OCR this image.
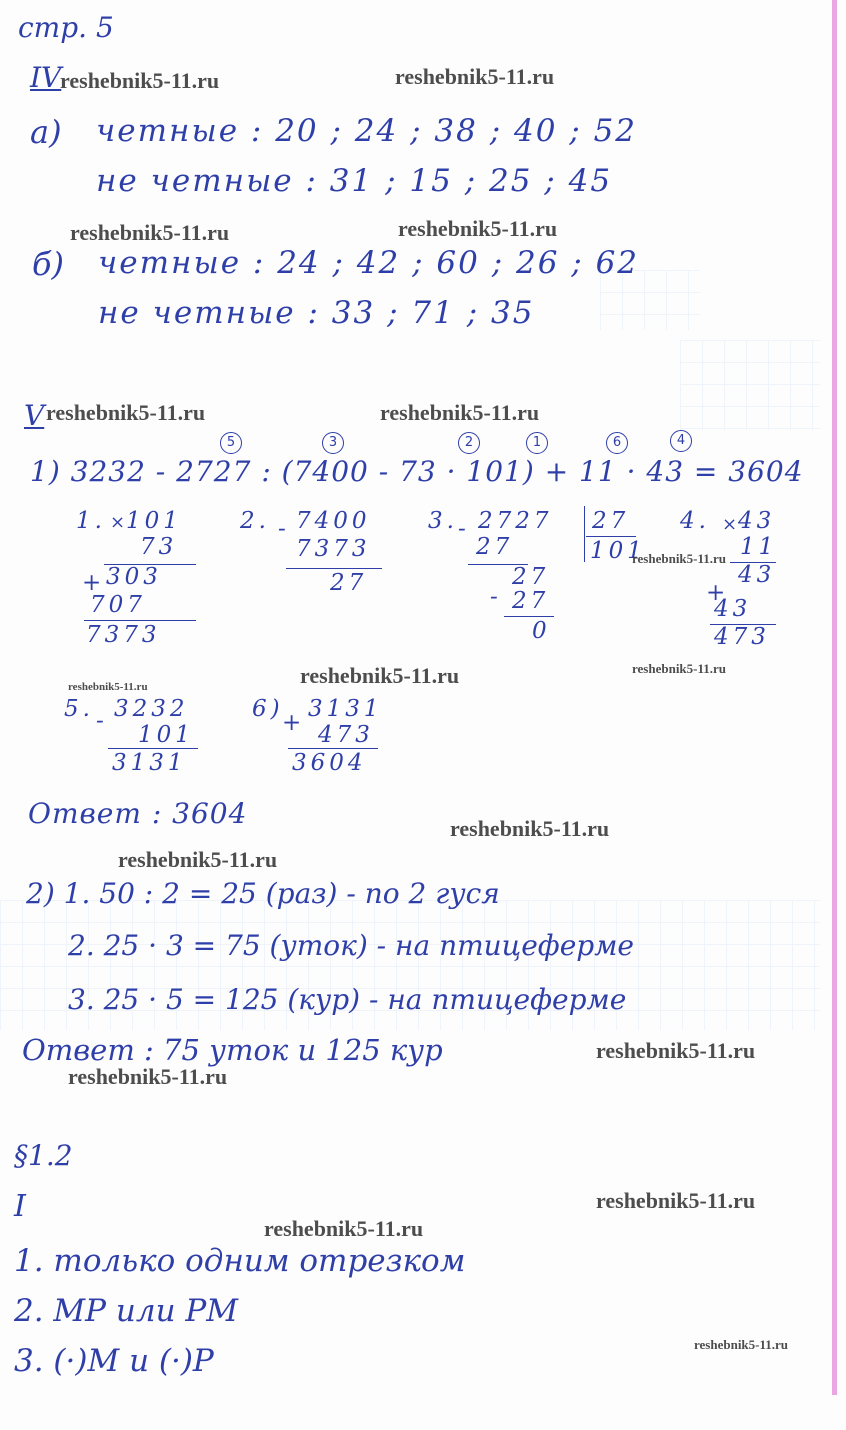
стр. 5
IV
reshebnik5-11.ru	reshebnik5-11.ru
а) четные : 20 ; 24 ; 38 ; 40 ; 52
не четные : 31 ; 15 ; 25 ; 45
reshebnik5-11.ru	reshebnik5-11.ru
б) четные : 24 ; 42 ; 60 ; 26 ; 62
не четные : 33 ; 71 ; 35
V reshebnik5-11.ru	reshebnik5-11.ru
5	3	2	1	6	4
1) 3232 - 2727 : (7400 - 73 · 101) + 11 · 43 = 3604
1. ×
101
73
+ 303
707
7373
2. - 7400
7373
27
3. - 2727 27
101
27
27
- 27
0
4. ×
43
11
43
+
43
473
reshebnik5-11.ru
reshebnik5-11.ru
reshebnik5-11.ru
reshebnik5-11.ru
5. - 3232
101
3131
6)
+
3131
473
3604
Ответ : 3604	reshebnik5-11.ru
reshebnik5-11.ru
2) 1. 50 : 2 = 25 (раз) - по 2 гуся
2. 25 · 3 = 75 (уток) - на птицеферме
3. 25 · 5 = 125 (кур) - на птицеферме
Ответ : 75 уток и 125 кур	reshebnik5-11.ru
reshebnik5-11.ru
§1.2
I	reshebnik5-11.ru
reshebnik5-11.ru
1. только одним отрезком
2. МР или РМ
reshebnik5-11.ru
3. (·)М и (·)Р
